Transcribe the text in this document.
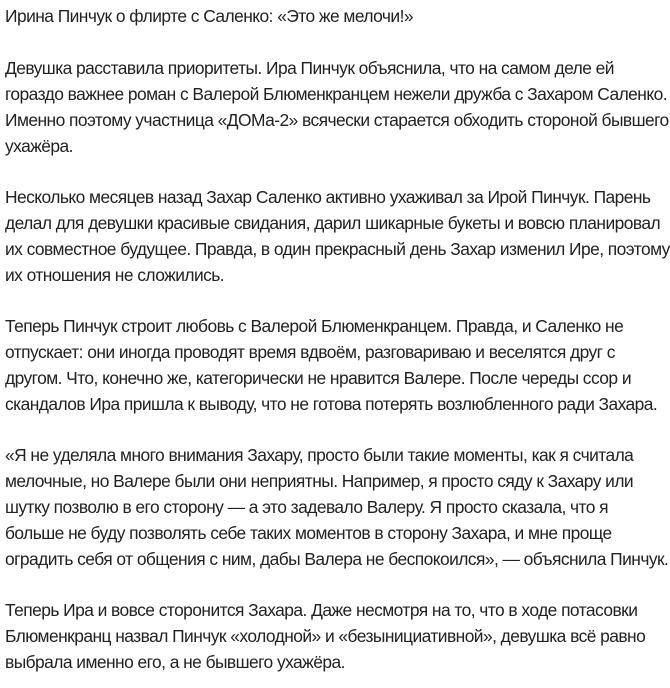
Ирина Пинчук о флирте с Саленко: «Это же мелочи!»

Девушка расставила приоритеты. Ира Пинчук объяснила, что на самом деле ей гораздо важнее роман с Валерой Блюменкранцем нежели дружба с Захаром Саленко. Именно поэтому участница «ДОМа-2» всячески старается обходить стороной бывшего ухажёра.

Несколько месяцев назад Захар Саленко активно ухаживал за Ирой Пинчук. Парень делал для девушки красивые свидания, дарил шикарные букеты и вовсю планировал их совместное будущее. Правда, в один прекрасный день Захар изменил Ире, поэтому их отношения не сложились.

Теперь Пинчук строит любовь с Валерой Блюменкранцем. Правда, и Саленко не отпускает: они иногда проводят время вдвоём, разговариваю и веселятся друг с другом. Что, конечно же, категорически не нравится Валере. После череды ссор и скандалов Ира пришла к выводу, что не готова потерять возлюбленного ради Захара.

«Я не уделяла много внимания Захару, просто были такие моменты, как я считала мелочные, но Валере были они неприятны. Например, я просто сяду к Захару или шутку позволю в его сторону — а это задевало Валеру. Я просто сказала, что я больше не буду позволять себе таких моментов в сторону Захара, и мне проще оградить себя от общения с ним, дабы Валера не беспокоился», — объяснила Пинчук.

Теперь Ира и вовсе сторонится Захара. Даже несмотря на то, что в ходе потасовки Блюменкранц назвал Пинчук «холодной» и «безынициативной», девушка всё равно выбрала именно его, а не бывшего ухажёра.
